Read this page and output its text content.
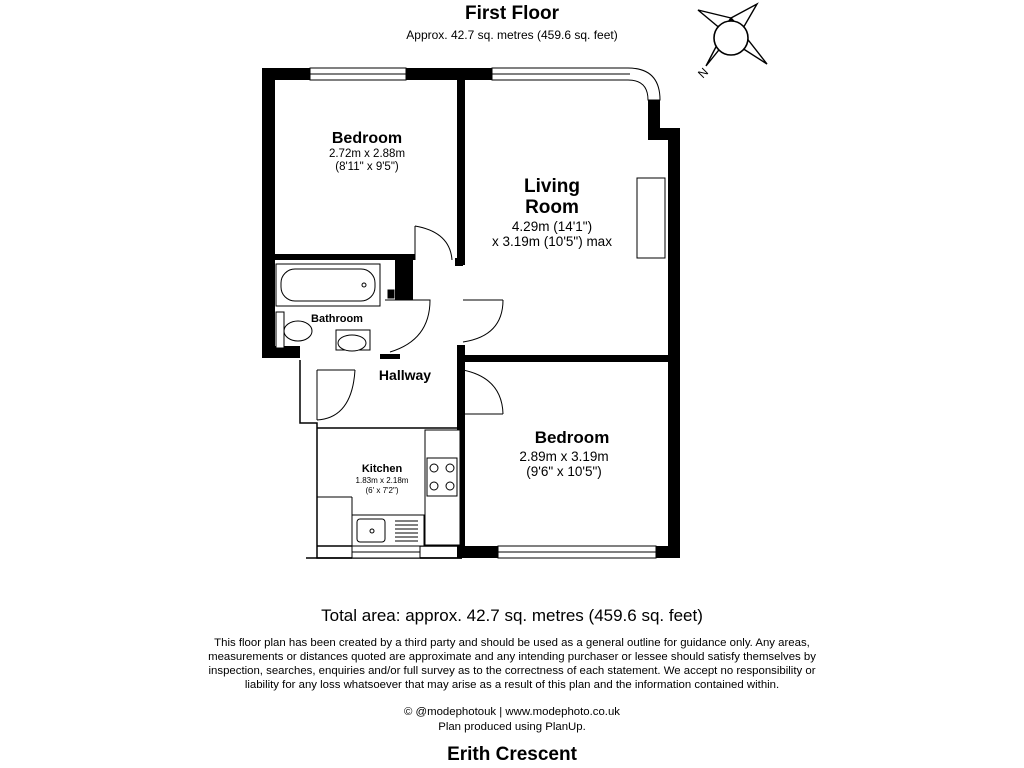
First Floor
Approx. 42.7 sq. metres (459.6 sq. feet)
N
Bedroom
2.72m x 2.88m
(8'11" x 9'5")
Living
Room
4.29m (14'1")
x 3.19m (10'5") max
Bathroom
Hallway
Kitchen
1.83m x 2.18m
(6' x 7'2")
Bedroom
2.89m x 3.19m
(9'6" x 10'5")
Total area: approx. 42.7 sq. metres (459.6 sq. feet)
This floor plan has been created by a third party and should be used as a general outline for guidance only. Any areas,
measurements or distances quoted are approximate and any intending purchaser or lessee should satisfy themselves by
inspection, searches, enquiries and/or full survey as to the correctness of each statement. We accept no responsibility or
liability for any loss whatsoever that may arise as a result of this plan and the information contained within.
© @modephotouk | www.modephoto.co.uk
Plan produced using PlanUp.
Erith Crescent
